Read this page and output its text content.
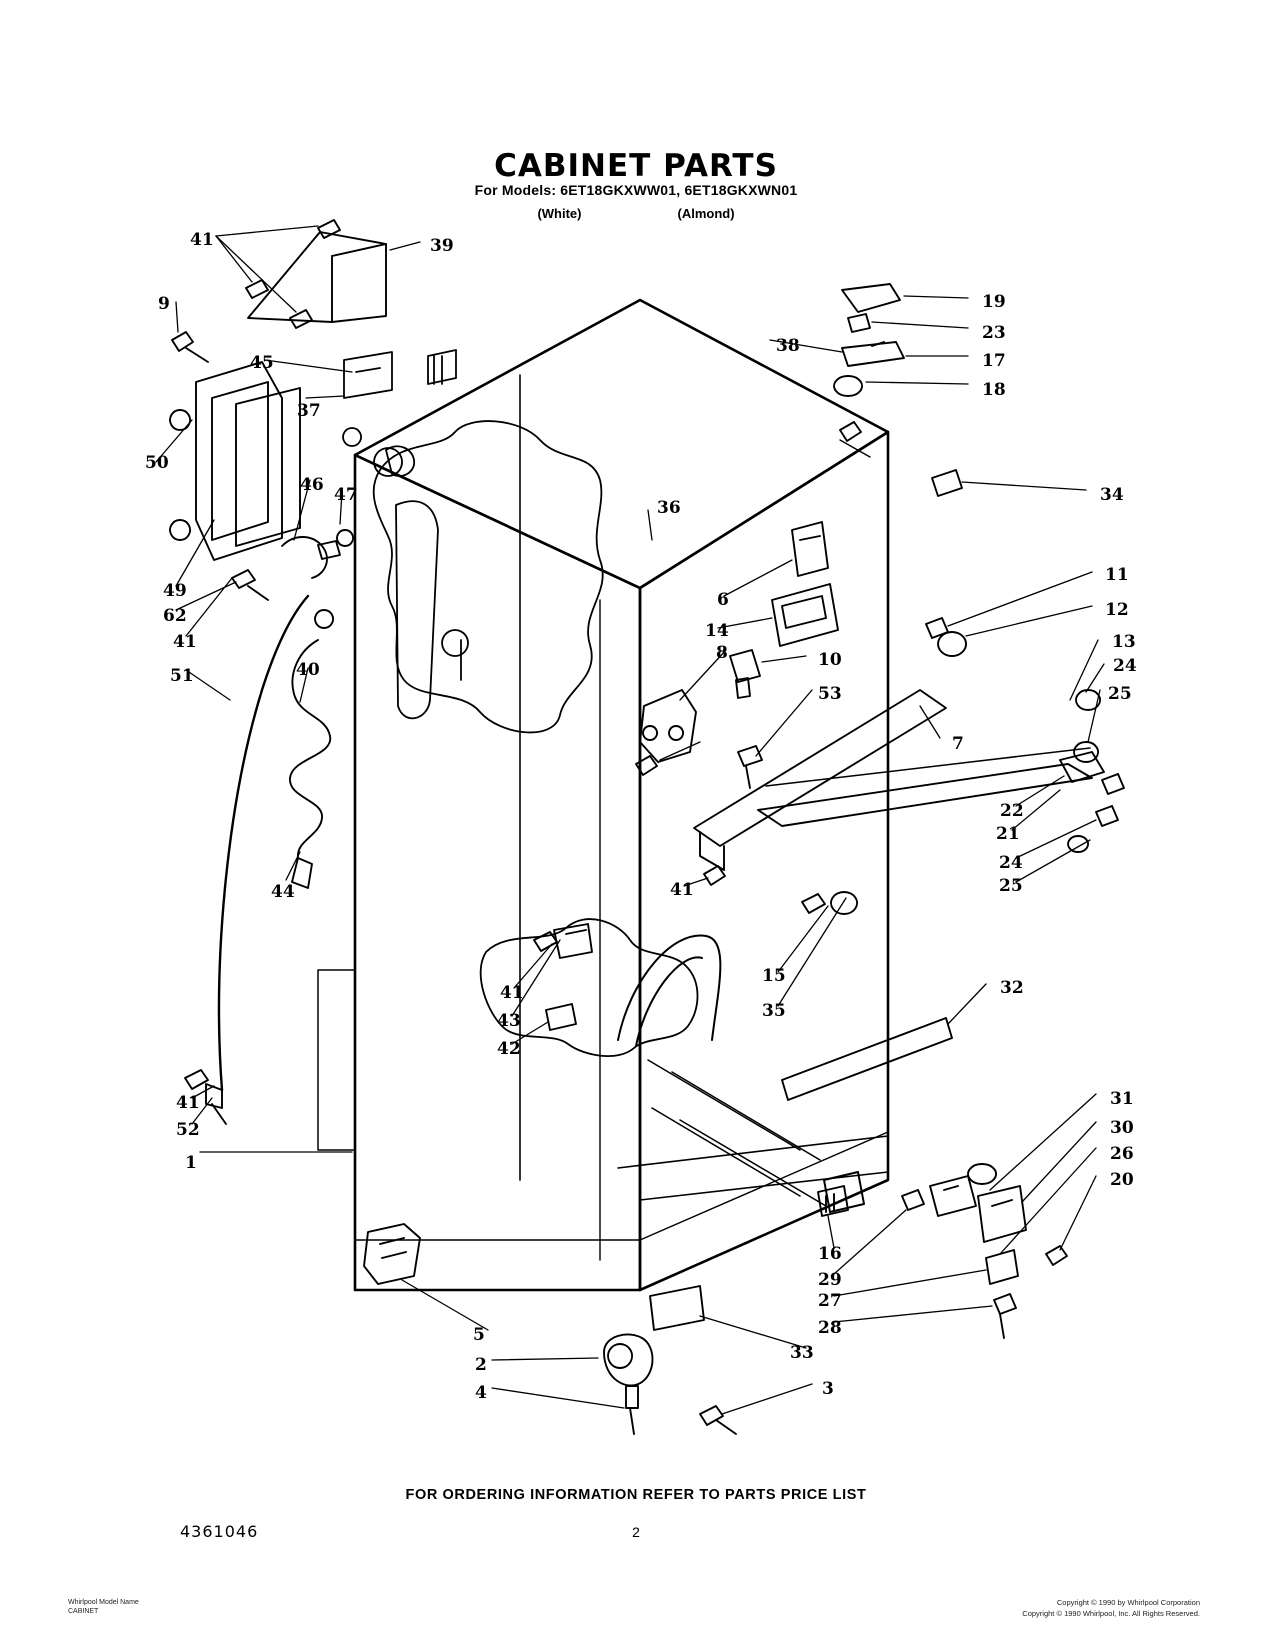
CABINET PARTS
For Models: 6ET18GKXWW01, 6ET18GKXWN01
(White)	(Almond)
41	39
9	19
23
38
17
45
18
37
50
46 47	34
36
11
49	6	12
62
14
41	13
24
51	40
25
8	10
53
7
22
21
24
44	25
41
15
41	32
35
43
42
41	31
52	30
26
1
20
16
29
27
5	28
33
2
3
4
FOR ORDERING INFORMATION REFER TO PARTS PRICE LIST
4361046	2
Whirlpool Model Name
CABINET
Copyright © 1990 by Whirlpool Corporation
Copyright © 1990 Whirlpool, Inc. All Rights Reserved.
